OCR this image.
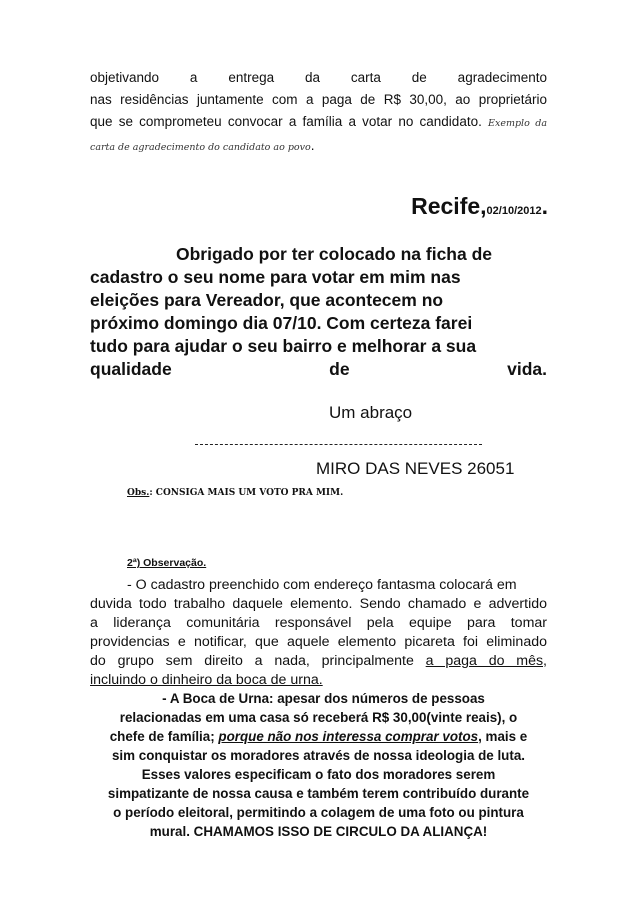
objetivando a entrega da carta de agradecimento
nas residências juntamente com a paga de R$ 30,00, ao proprietário
que se comprometeu convocar a família a votar no candidato. Exemplo da
carta de agradecimento do candidato ao povo.
Recife,02/10/2012.
Obrigado por ter colocado na ficha de
cadastro o seu nome para votar em mim nas
eleições para Vereador, que acontecem no
próximo domingo dia 07/10. Com certeza farei
tudo para ajudar o seu bairro e melhorar a sua
qualidade de vida.
Um abraço
MIRO DAS NEVES 26051
Obs.: CONSIGA MAIS UM VOTO PRA MIM.
2ª) Observação.
- O cadastro preenchido com endereço fantasma colocará em
duvida todo trabalho daquele elemento. Sendo chamado e advertido
a liderança comunitária responsável pela equipe para tomar
providencias e notificar, que aquele elemento picareta foi eliminado
do grupo sem direito a nada, principalmente a paga do mês,
incluindo o dinheiro da boca de urna.
- A Boca de Urna: apesar dos números de pessoas
relacionadas em uma casa só receberá R$ 30,00(vinte reais), o
chefe de família; porque não nos interessa comprar votos, mais e
sim conquistar os moradores através de nossa ideologia de luta.
Esses valores especificam o fato dos moradores serem
simpatizante de nossa causa e também terem contribuído durante
o período eleitoral, permitindo a colagem de uma foto ou pintura
mural. CHAMAMOS ISSO DE CIRCULO DA ALIANÇA!
